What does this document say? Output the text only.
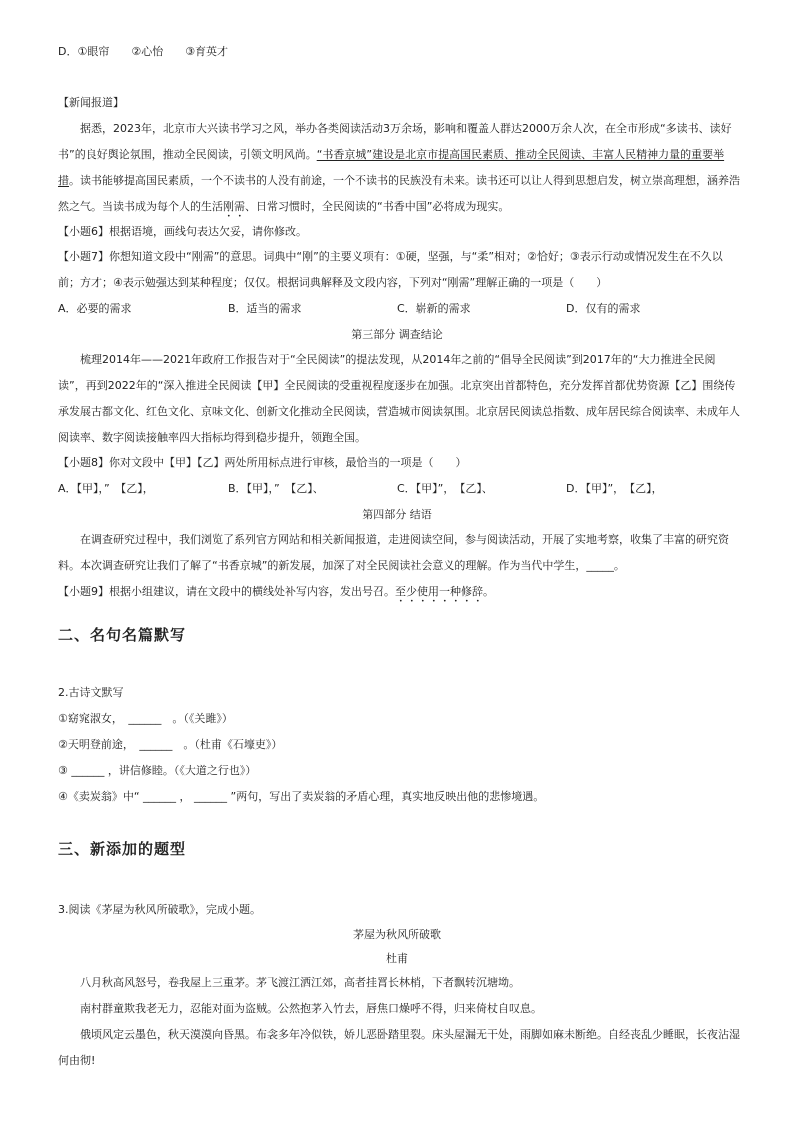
D．①眼帘　　②心怡　　③育英才
【新闻报道】
据悉，2023年，北京市大兴读书学习之风，举办各类阅读活动3万余场，影响和覆盖人群达2000万余人次，在全市形成“多读书、读好书”的良好舆论氛围，推动全民阅读，引领文明风尚。“书香京城”建设是北京市提高国民素质、推动全民阅读、丰富人民精神力量的重要举措。读书能够提高国民素质，一个不读书的人没有前途，一个不读书的民族没有未来。读书还可以让人得到思想启发，树立崇高理想，涵养浩然之气。当读书成为每个人的生活刚需、日常习惯时，全民阅读的“书香中国”必将成为现实。
【小题6】根据语境，画线句表达欠妥，请你修改。
【小题7】你想知道文段中“刚需”的意思。词典中“刚”的主要义项有：①硬，坚强，与“柔”相对；②恰好；③表示行动或情况发生在不久以前；方才；④表示勉强达到某种程度；仅仅。根据词典解释及文段内容，下列对“刚需”理解正确的一项是（　　）
A．必要的需求	B．适当的需求	C．崭新的需求	D．仅有的需求
第三部分 调查结论
梳理2014年——2021年政府工作报告对于“全民阅读”的提法发现，从2014年之前的“倡导全民阅读”到2017年的“大力推进全民阅读”，再到2022年的“深入推进全民阅读【甲】全民阅读的受重视程度逐步在加强。北京突出首都特色，充分发挥首都优势资源【乙】围绕传承发展古都文化、红色文化、京味文化、创新文化推动全民阅读，营造城市阅读氛围。北京居民阅读总指数、成年居民综合阅读率、未成年人阅读率、数字阅读接触率四大指标均得到稳步提升，领跑全国。
【小题8】你对文段中【甲】【乙】两处所用标点进行审核，最恰当的一项是（　　）
A．【甲】，”　【乙】，	B．【甲】，”　【乙】、	C．【甲】”，　【乙】、	D．【甲】”，　【乙】，
第四部分 结语
在调查研究过程中，我们浏览了系列官方网站和相关新闻报道，走进阅读空间，参与阅读活动，开展了实地考察，收集了丰富的研究资料。本次调查研究让我们了解了“书香京城”的新发展，加深了对全民阅读社会意义的理解。作为当代中学生，_____。
【小题9】根据小组建议，请在文段中的横线处补写内容，发出号召。至少使用一种修辞。
二、名句名篇默写
2.古诗文默写
①窈窕淑女，　______　。（《关雎》）
②天明登前途，　______　。（杜甫《石壕吏》）
③ ______ ，讲信修睦。（《大道之行也》）
④《卖炭翁》中“ ______ ， ______ ”两句，写出了卖炭翁的矛盾心理，真实地反映出他的悲惨境遇。
三、新添加的题型
3.阅读《茅屋为秋风所破歌》，完成小题。
茅屋为秋风所破歌
杜甫
八月秋高风怒号，卷我屋上三重茅。茅飞渡江洒江郊，高者挂罥长林梢，下者飘转沉塘坳。
南村群童欺我老无力，忍能对面为盗贼。公然抱茅入竹去，唇焦口燥呼不得，归来倚杖自叹息。
俄顷风定云墨色，秋天漠漠向昏黑。布衾多年冷似铁，娇儿恶卧踏里裂。床头屋漏无干处，雨脚如麻未断绝。自经丧乱少睡眠，长夜沾湿何由彻!
